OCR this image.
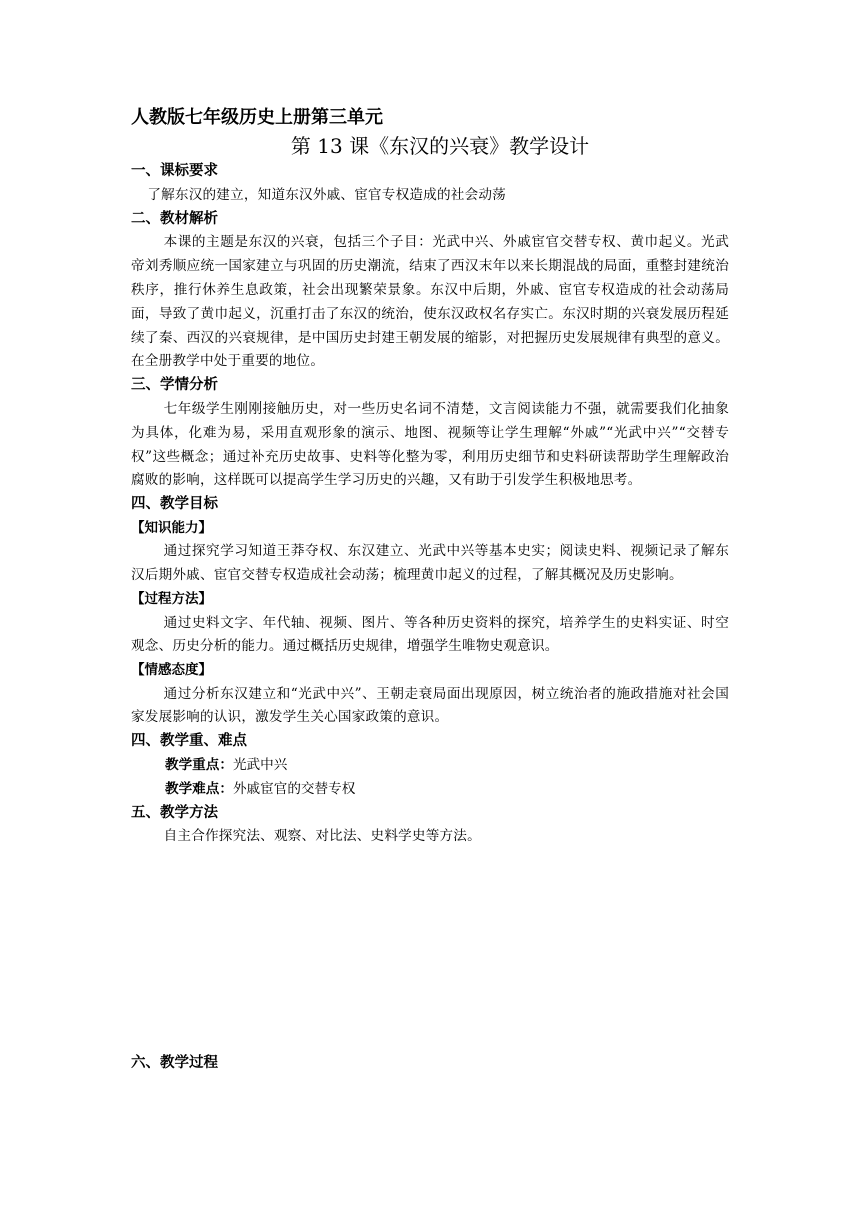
人教版七年级历史上册第三单元
第 13 课《东汉的兴衰》教学设计
一、课标要求
了解东汉的建立，知道东汉外戚、宦官专权造成的社会动荡
二、教材解析
本课的主题是东汉的兴衰，包括三个子目：光武中兴、外戚宦官交替专权、黄巾起义。光武帝刘秀顺应统一国家建立与巩固的历史潮流，结束了西汉末年以来长期混战的局面，重整封建统治秩序，推行休养生息政策，社会出现繁荣景象。东汉中后期，外戚、宦官专权造成的社会动荡局面，导致了黄巾起义，沉重打击了东汉的统治，使东汉政权名存实亡。东汉时期的兴衰发展历程延续了秦、西汉的兴衰规律，是中国历史封建王朝发展的缩影，对把握历史发展规律有典型的意义。在全册教学中处于重要的地位。
三、学情分析
七年级学生刚刚接触历史，对一些历史名词不清楚，文言阅读能力不强，就需要我们化抽象为具体，化难为易，采用直观形象的演示、地图、视频等让学生理解“外戚”“光武中兴”“交替专权”这些概念；通过补充历史故事、史料等化整为零，利用历史细节和史料研读帮助学生理解政治腐败的影响，这样既可以提高学生学习历史的兴趣，又有助于引发学生积极地思考。
四、教学目标
【知识能力】
通过探究学习知道王莽夺权、东汉建立、光武中兴等基本史实；阅读史料、视频记录了解东汉后期外戚、宦官交替专权造成社会动荡；梳理黄巾起义的过程，了解其概况及历史影响。
【过程方法】
通过史料文字、年代轴、视频、图片、等各种历史资料的探究，培养学生的史料实证、时空观念、历史分析的能力。通过概括历史规律，增强学生唯物史观意识。
【情感态度】
通过分析东汉建立和“光武中兴”、王朝走衰局面出现原因，树立统治者的施政措施对社会国家发展影响的认识，激发学生关心国家政策的意识。
四、教学重、难点
教学重点：光武中兴
教学难点：外戚宦官的交替专权
五、教学方法
自主合作探究法、观察、对比法、史料学史等方法。
六、教学过程
